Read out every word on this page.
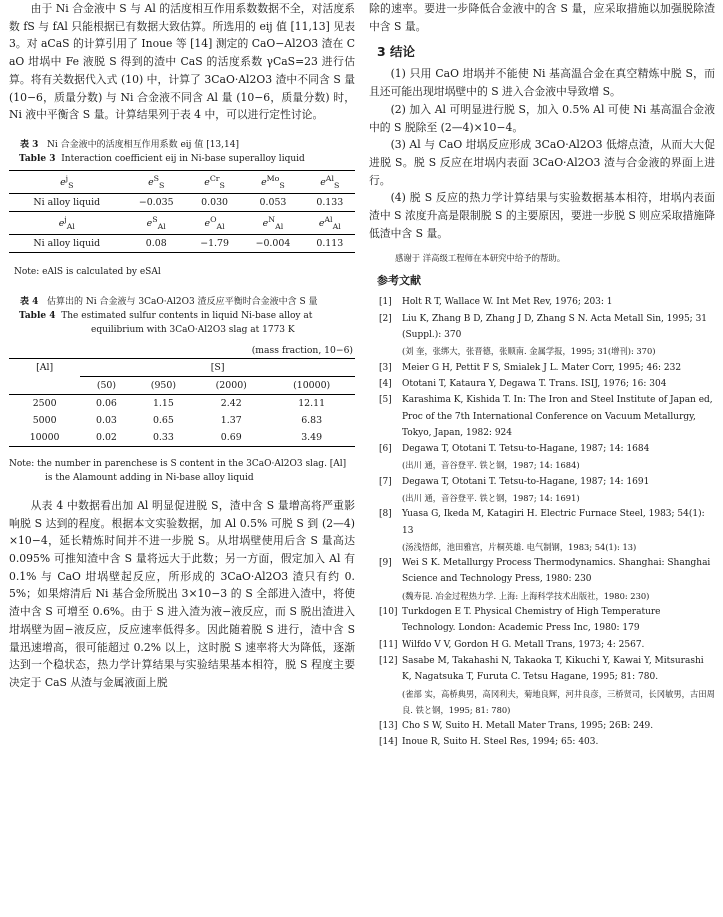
由于 Ni 合金液中 S 与 Al 的活度相互作用系数数据不全，对活度系数 fS 与 fAl 只能根据已有数据大致估算。所选用的 eij 值 [11,13] 见表 3。对 aCaS 的计算引用了 Inoue 等 [14] 测定的 CaO−Al2O3 渣在 CaO 坩埚中 Fe 液脱 S 得到的渣中 CaS 的活度系数 γCaS=23 进行估算。将有关数据代入式 (10) 中，计算了 3CaO·Al2O3 渣中不同含 S 量 (10−6，质量分数) 与 Ni 合金液不同含 Al 量 (10−6，质量分数) 时，Ni 液中平衡含 S 量。计算结果列于表 4 中，可以进行定性讨论。

表 3 Ni 合金液中的活度相互作用系数 eij 值 [13,14]

Table 3 Interaction coefficient eij in Ni-base superalloy liquid

$e^j_S$	$e^S_S$	$e^{Cr}_S$	$e^{Mo}_S$	$e^{Al}_S$
Ni alloy liquid	−0.035	0.030	0.053	0.133
$e^j_{Al}$	$e^S_{Al}$	$e^O_{Al}$	$e^N_{Al}$	$e^{Al}_{Al}$
Ni alloy liquid	0.08	−1.79	−0.004	0.113

Note: eAlS is calculated by eSAl

表 4 估算出的 Ni 合金液与 3CaO·Al2O3 渣反应平衡时合金液中含 S 量

Table 4 The estimated sulfur contents in liquid Ni-base alloy at equilibrium with 3CaO·Al2O3 slag at 1773 K

(mass fraction, 10−6)
[Al]	[S]			
	(50)	(950)	(2000)	(10000)
2500	0.06	1.15	2.42	12.11
5000	0.03	0.65	1.37	6.83
10000	0.02	0.33	0.69	3.49

Note: the number in parenchese is S content in the 3CaO·Al2O3 slag. [Al] is the Alamount adding in Ni-base alloy liquid

从表 4 中数据看出加 Al 明显促进脱 S，渣中含 S 量增高将严重影响脱 S 达到的程度。根据本文实验数据，加 Al 0.5% 可脱 S 到 (2—4)×10−4，延长精炼时间并不进一步脱 S。从坩埚壁使用后含 S 量高达 0.095% 可推知渣中含 S 量将远大于此数；另一方面，假定加入 Al 有 0.1% 与 CaO 坩埚壁起反应，所形成的 3CaO·Al2O3 渣只有约 0.5%；如果熔清后 Ni 基合金所脱出 3×10−3 的 S 全部进入渣中，将使渣中含 S 可增至 0.6%。由于 S 进入渣为液−液反应，而 S 脱出渣进入坩埚壁为固−液反应，反应速率低得多。因此随着脱 S 进行，渣中含 S 量迅速增高，很可能超过 0.2% 以上，这时脱 S 速率将大为降低，逐渐达到一个稳状态，热力学计算结果与实验结果基本相符，脱 S 程度主要决定于 CaS 从渣与金属液面上脱

除的速率。要进一步降低合金液中的含 S 量，应采取措施以加强脱除渣中含 S 量。

3 结论

(1) 只用 CaO 坩埚并不能使 Ni 基高温合金在真空精炼中脱 S，而且还可能出现坩埚壁中的 S 进入合金液中导致增 S。

(2) 加入 Al 可明显进行脱 S，加入 0.5% Al 可使 Ni 基高温合金液中的 S 脱除至 (2—4)×10−4。

(3) Al 与 CaO 坩埚反应形成 3CaO·Al2O3 低熔点渣，从而大大促进脱 S。脱 S 反应在坩埚内表面 3CaO·Al2O3 渣与合金液的界面上进行。

(4) 脱 S 反应的热力学计算结果与实验数据基本相符，坩埚内表面渣中 S 浓度升高是限制脱 S 的主要原因，要进一步脱 S 则应采取措施降低渣中含 S 量。

感谢于 洋高级工程师在本研究中给予的帮助。

参考文献

[1] Holt R T, Wallace W. Int Met Rev, 1976; 203: 1

[2] Liu K, Zhang B D, Zhang J D, Zhang S N. Acta Metall Sin, 1995; 31 (Suppl.): 370
(刘 奎，张绑大，张晋德，张顺南. 金属学报，1995; 31(增刊): 370)

[3] Meier G H, Pettit F S, Smialek J L. Mater Corr, 1995; 46: 232

[4] Ototani T, Kataura Y, Degawa T. Trans. ISIJ, 1976; 16: 304

[5] Karashima K, Kishida T. In: The Iron and Steel Institute of Japan ed, Proc of the 7th International Conference on Vacuum Metallurgy, Tokyo, Japan, 1982: 924

[6] Degawa T, Ototani T. Tetsu-to-Hagane, 1987; 14: 1684
(出川 通，音谷登平. 铁と钢，1987; 14: 1684)

[7] Degawa T, Ototani T. Tetsu-to-Hagane, 1987; 14: 1691
(出川 通，音谷登平. 铁と钢，1987; 14: 1691)

[8] Yuasa G, Ikeda M, Katagiri H. Electric Furnace Steel, 1983; 54(1): 13
(汤浅悟郎，池田雅宫，片桐英雄. 电气制钢，1983; 54(1): 13)

[9] Wei S K. Metallurgy Process Thermodynamics. Shanghai: Shanghai Science and Technology Press, 1980: 230
(魏寿昆. 冶金过程热力学. 上海: 上海科学技术出版社，1980: 230)

[10] Turkdogen E T. Physical Chemistry of High Temperature Technology. London: Academic Press Inc, 1980: 179

[11] Wilfdo V V, Gordon H G. Metall Trans, 1973; 4: 2567.

[12] Sasabe M, Takahashi N, Takaoka T, Kikuchi Y, Kawai Y, Mitsurashi K, Nagatsuka T, Furuta C. Tetsu Hagane, 1995; 81: 780.
(雀部 实，高桥典男，高冈利夫，菊地良辉，河井良彦，三桥贤司，长冈敏男，古田周良. 铁と钢，1995; 81: 780)

[13] Cho S W, Suito H. Metall Mater Trans, 1995; 26B: 249.

[14] Inoue R, Suito H. Steel Res, 1994; 65: 403.
